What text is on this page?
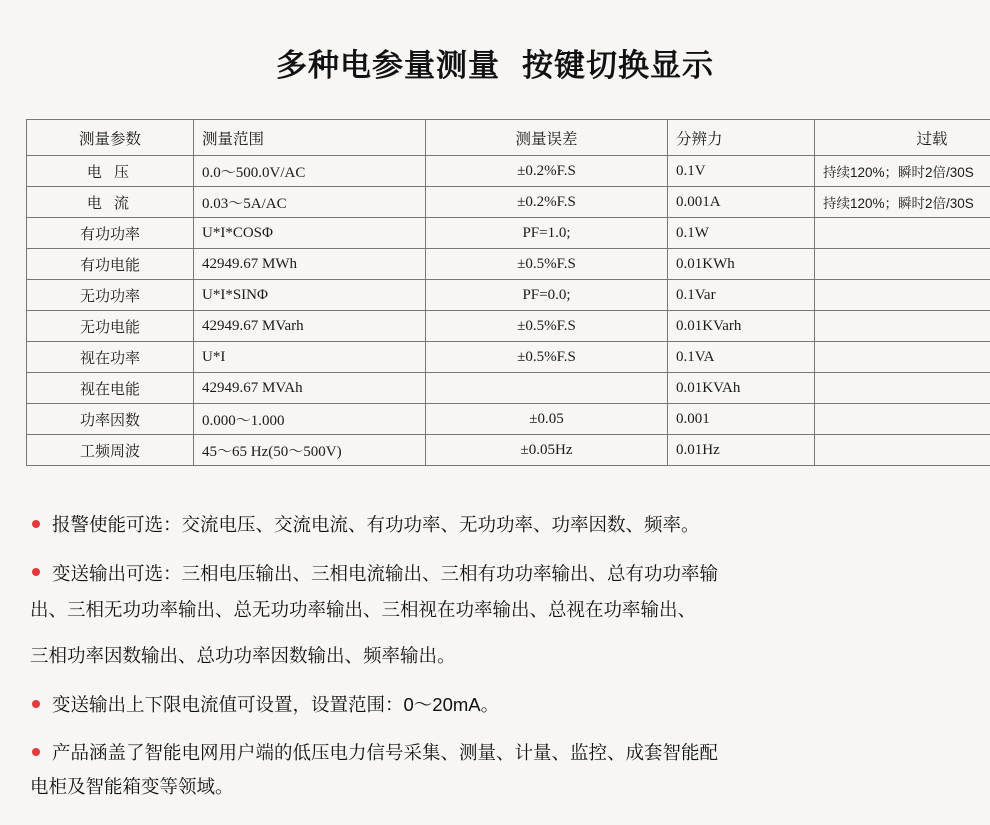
多种电参量测量 按键切换显示
测量参数	测量范围	测量误差	分辨力	过载
电 压	0.0～500.0V/AC	±0.2%F.S	0.1V	持续120%；瞬时2倍/30S
电 流	0.03～5A/AC	±0.2%F.S	0.001A	持续120%；瞬时2倍/30S
有功功率	U*I*COSΦ	PF=1.0;	0.1W	
有功电能	42949.67 MWh	±0.5%F.S	0.01KWh	
无功功率	U*I*SINΦ	PF=0.0;	0.1Var	
无功电能	42949.67 MVarh	±0.5%F.S	0.01KVarh	
视在功率	U*I	±0.5%F.S	0.1VA	
视在电能	42949.67 MVAh		0.01KVAh	
功率因数	0.000～1.000	±0.05	0.001	
工频周波	45～65 Hz(50～500V)	±0.05Hz	0.01Hz	

报警使能可选：交流电压、交流电流、有功功率、无功功率、功率因数、频率。

变送输出可选：三相电压输出、三相电流输出、三相有功功率输出、总有功功率输

出、三相无功功率输出、总无功功率输出、三相视在功率输出、总视在功率输出、

三相功率因数输出、总功功率因数输出、频率输出。

变送输出上下限电流值可设置，设置范围：0～20mA。

产品涵盖了智能电网用户端的低压电力信号采集、测量、计量、监控、成套智能配

电柜及智能箱变等领域。
